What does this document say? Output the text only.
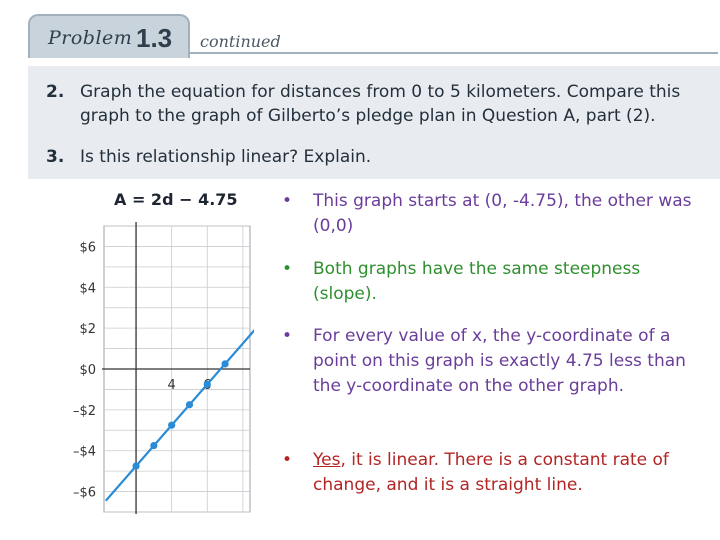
Problem 1.3 continued
2. Graph the equation for distances from 0 to 5 kilometers. Compare this graph to the graph of Gilberto’s pledge plan in Question A, part (2).
3. Is this relationship linear? Explain.
$6
$4
$2
$0
–$2
–$4
–$6
4
A = 2d − 4.75	•	This graph starts at (0, -4.75), the other was (0,0)
•	Both graphs have the same steepness (slope).
•	For every value of x, the y-coordinate of a point on this graph is exactly 4.75 less than the y-coordinate on the other graph.
•	Yes, it is linear. There is a constant rate of change, and it is a straight line.
